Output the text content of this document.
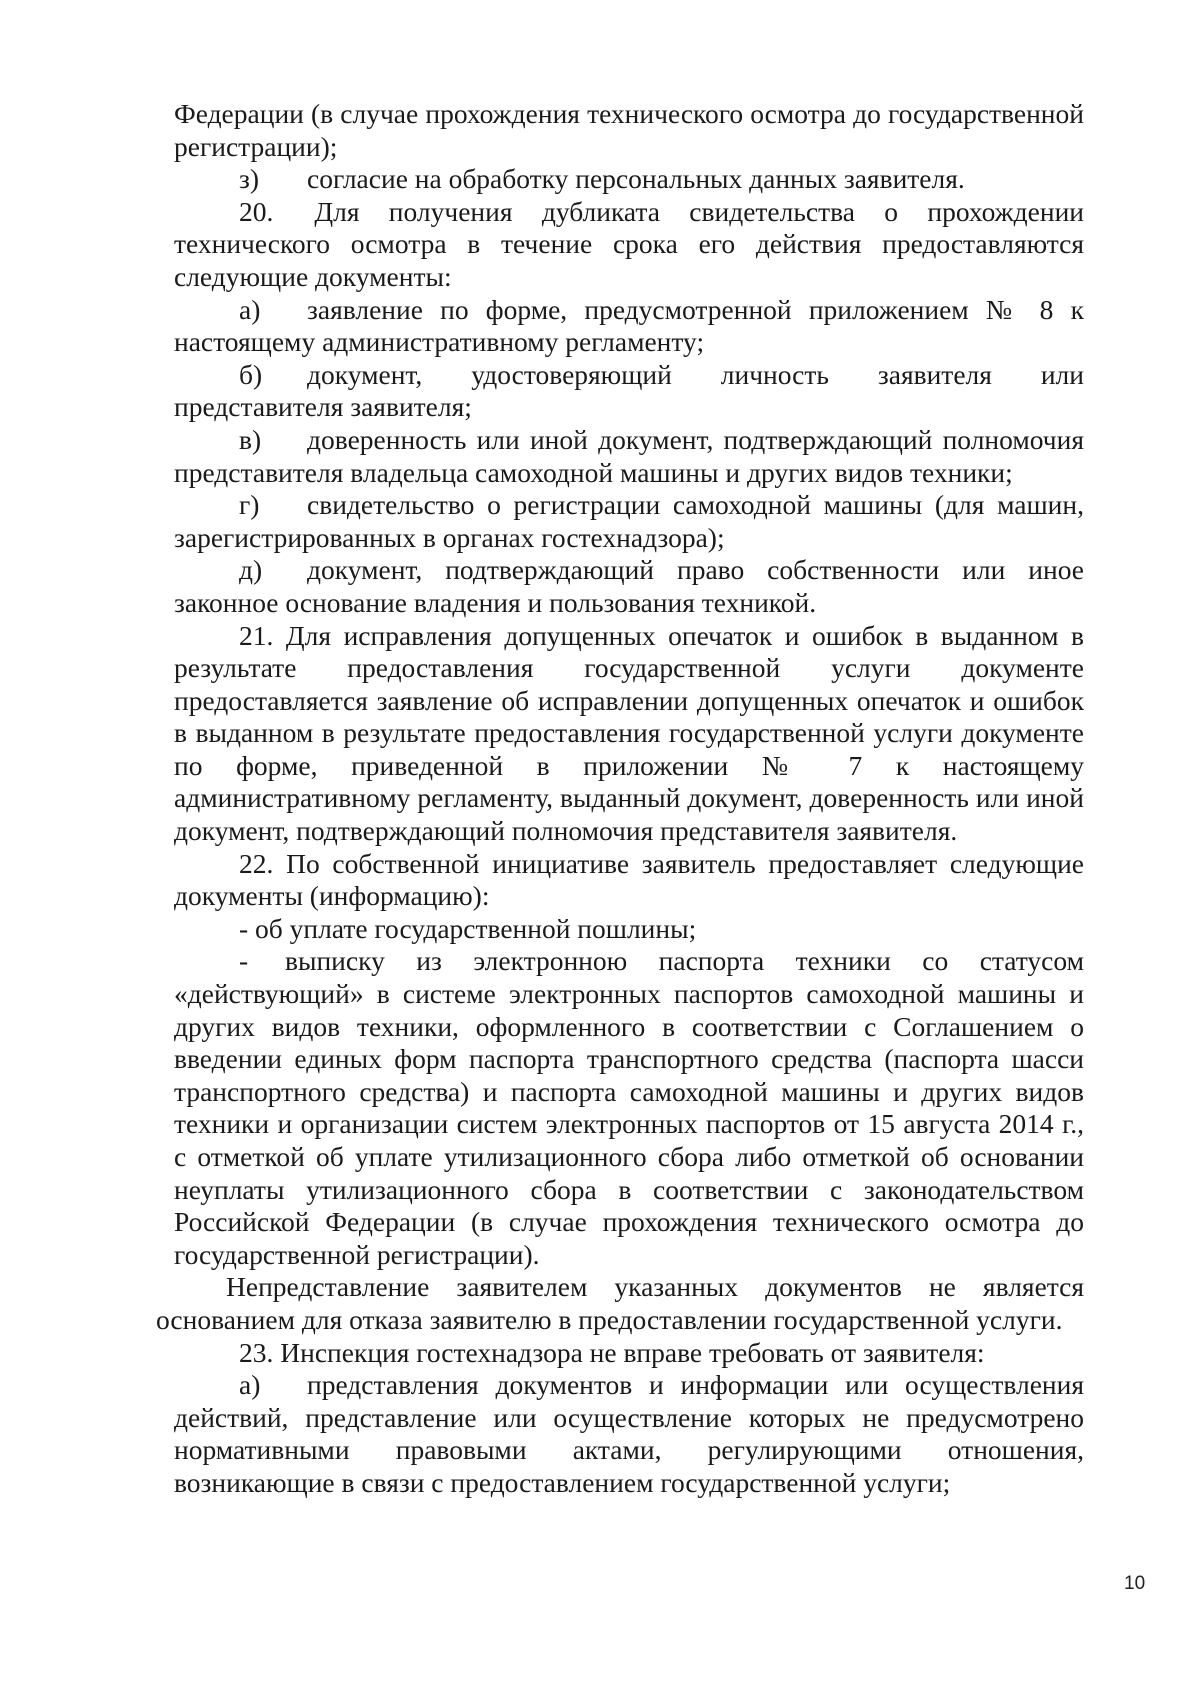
Федерации (в случае прохождения технического осмотра до государственной регистрации);

з) согласие на обработку персональных данных заявителя.

20. Для получения дубликата свидетельства о прохождении технического осмотра в течение срока его действия предоставляются следующие документы:

а) заявление по форме, предусмотренной приложением № 8 к настоящему административному регламенту;

б) документ, удостоверяющий личность заявителя или представителя заявителя;

в) доверенность или иной документ, подтверждающий полномочия представителя владельца самоходной машины и других видов техники;

г) свидетельство о регистрации самоходной машины (для машин, зарегистрированных в органах гостехнадзора);

д) документ, подтверждающий право собственности или иное законное основание владения и пользования техникой.

21. Для исправления допущенных опечаток и ошибок в выданном в результате предоставления государственной услуги документе предоставляется заявление об исправлении допущенных опечаток и ошибок в выданном в результате предоставления государственной услуги документе по форме, приведенной в приложении № 7 к настоящему административному регламенту, выданный документ, доверенность или иной документ, подтверждающий полномочия представителя заявителя.

22. По собственной инициативе заявитель предоставляет следующие документы (информацию):

- об уплате государственной пошлины;

- выписку из электронною паспорта техники со статусом «действующий» в системе электронных паспортов самоходной машины и других видов техники, оформленного в соответствии с Соглашением о введении единых форм паспорта транспортного средства (паспорта шасси транспортного средства) и паспорта самоходной машины и других видов техники и организации систем электронных паспортов от 15 августа 2014 г., с отметкой об уплате утилизационного сбора либо отметкой об основании неуплаты утилизационного сбора в соответствии с законодательством Российской Федерации (в случае прохождения технического осмотра до государственной регистрации).

Непредставление заявителем указанных документов не является основанием для отказа заявителю в предоставлении государственной услуги.

23. Инспекция гостехнадзора не вправе требовать от заявителя:

а) представления документов и информации или осуществления действий, представление или осуществление которых не предусмотрено нормативными правовыми актами, регулирующими отношения, возникающие в связи с предоставлением государственной услуги;

10
